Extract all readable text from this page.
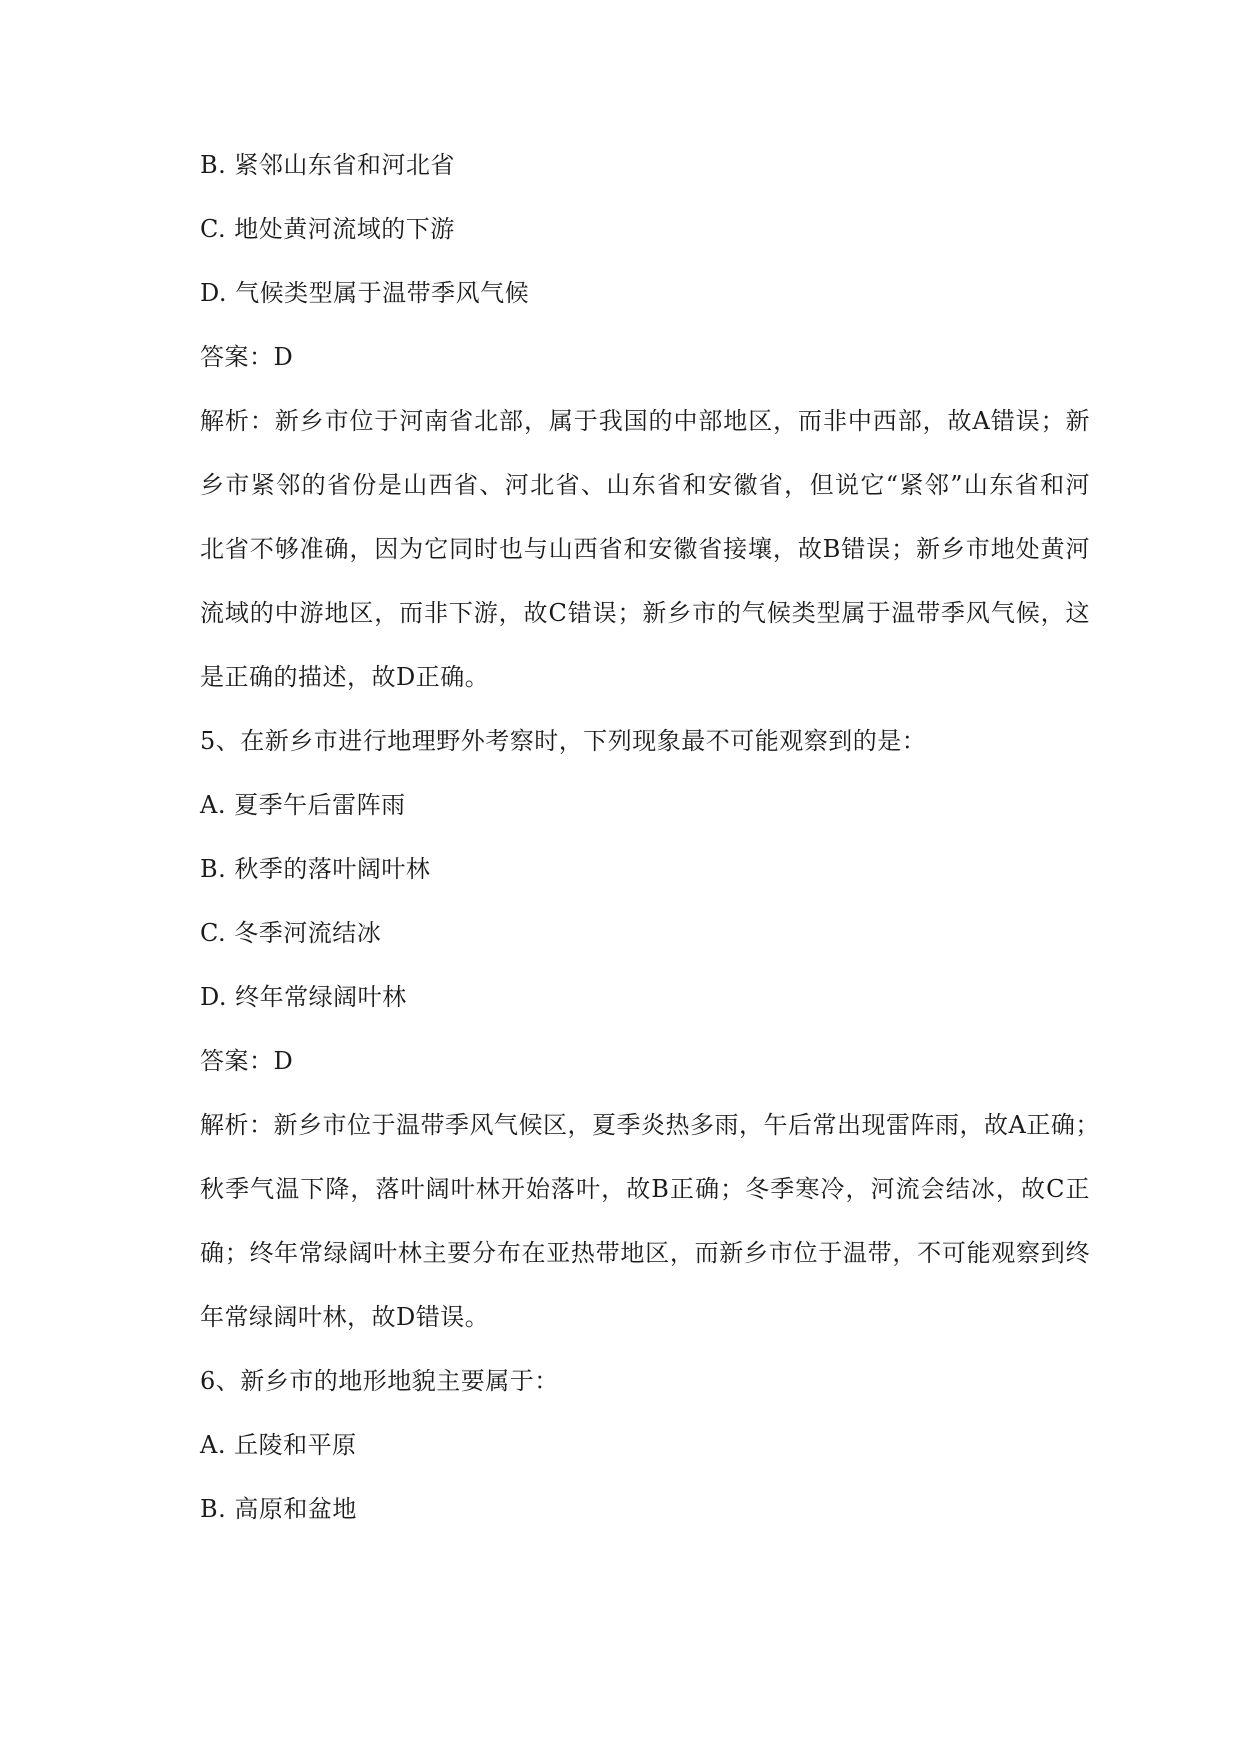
B. 紧邻山东省和河北省

C. 地处黄河流域的下游

D. 气候类型属于温带季风气候

答案：D

解析：新乡市位于河南省北部，属于我国的中部地区，而非中西部，故A错误；新

乡市紧邻的省份是山西省、河北省、山东省和安徽省，但说它“紧邻”山东省和河

北省不够准确，因为它同时也与山西省和安徽省接壤，故B错误；新乡市地处黄河

流域的中游地区，而非下游，故C错误；新乡市的气候类型属于温带季风气候，这

是正确的描述，故D正确。

5、在新乡市进行地理野外考察时，下列现象最不可能观察到的是：

A. 夏季午后雷阵雨

B. 秋季的落叶阔叶林

C. 冬季河流结冰

D. 终年常绿阔叶林

答案：D

解析：新乡市位于温带季风气候区，夏季炎热多雨，午后常出现雷阵雨，故A正确；

秋季气温下降，落叶阔叶林开始落叶，故B正确；冬季寒冷，河流会结冰，故C正

确；终年常绿阔叶林主要分布在亚热带地区，而新乡市位于温带，不可能观察到终

年常绿阔叶林，故D错误。

6、新乡市的地形地貌主要属于：

A. 丘陵和平原

B. 高原和盆地
